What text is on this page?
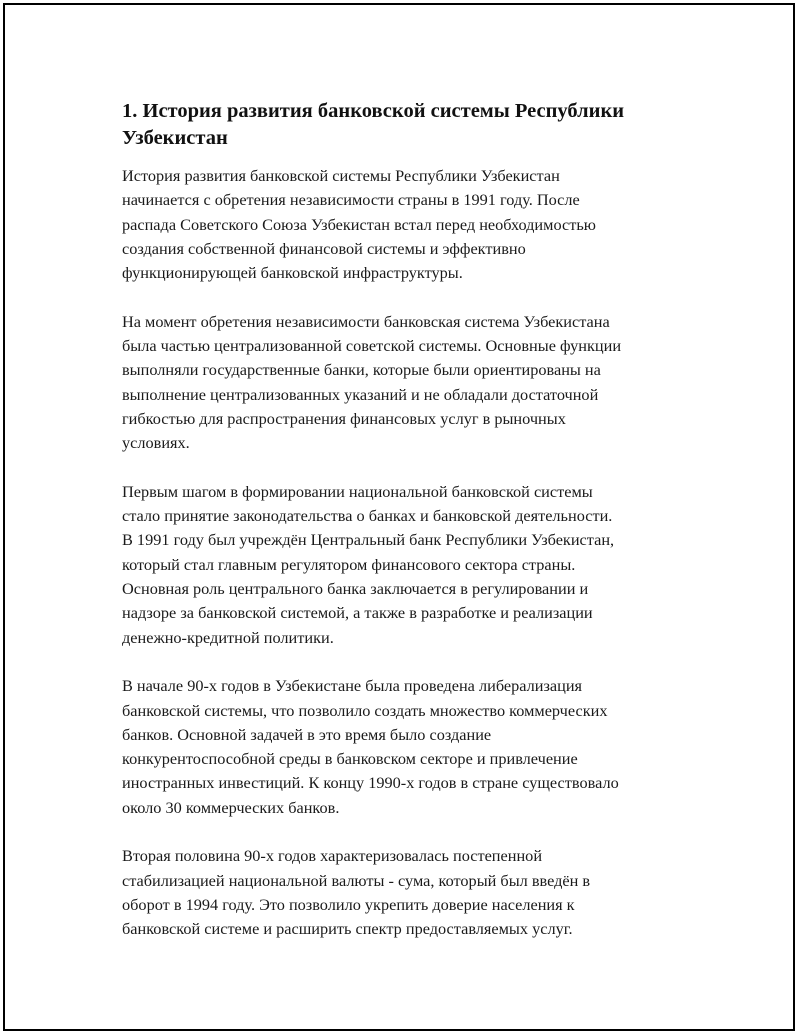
1. История развития банковской системы Республики
Узбекистан

История развития банковской системы Республики Узбекистан
начинается с обретения независимости страны в 1991 году. После
распада Советского Союза Узбекистан встал перед необходимостью
создания собственной финансовой системы и эффективно
функционирующей банковской инфраструктуры.

На момент обретения независимости банковская система Узбекистана
была частью централизованной советской системы. Основные функции
выполняли государственные банки, которые были ориентированы на
выполнение централизованных указаний и не обладали достаточной
гибкостью для распространения финансовых услуг в рыночных
условиях.

Первым шагом в формировании национальной банковской системы
стало принятие законодательства о банках и банковской деятельности.
В 1991 году был учреждён Центральный банк Республики Узбекистан,
который стал главным регулятором финансового сектора страны.
Основная роль центрального банка заключается в регулировании и
надзоре за банковской системой, а также в разработке и реализации
денежно-кредитной политики.

В начале 90-х годов в Узбекистане была проведена либерализация
банковской системы, что позволило создать множество коммерческих
банков. Основной задачей в это время было создание
конкурентоспособной среды в банковском секторе и привлечение
иностранных инвестиций. К концу 1990-х годов в стране существовало
около 30 коммерческих банков.

Вторая половина 90-х годов характеризовалась постепенной
стабилизацией национальной валюты - сума, который был введён в
оборот в 1994 году. Это позволило укрепить доверие населения к
банковской системе и расширить спектр предоставляемых услуг.
